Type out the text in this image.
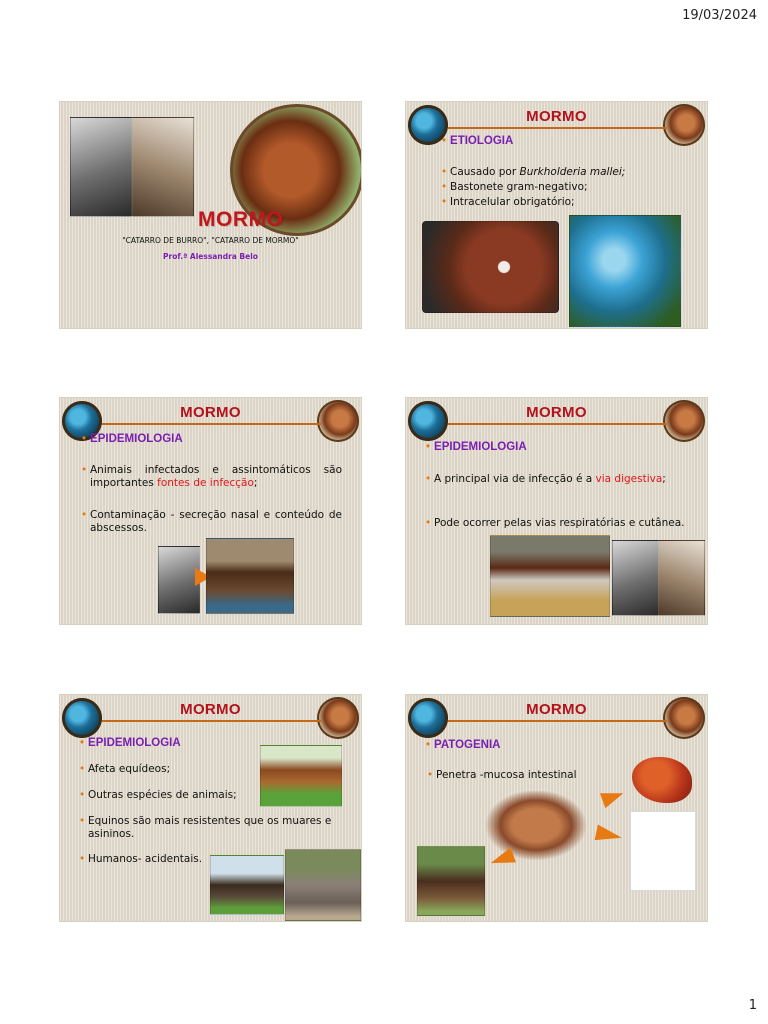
19/03/2024
MORMO
"CATARRO DE BURRO", "CATARRO DE MORMO"
Prof.ª Alessandra Belo
MORMO
• ETIOLOGIA
• Causado por Burkholderia mallei;
• Bastonete gram-negativo;
• Intracelular obrigatório;
MORMO
• EPIDEMIOLOGIA
• Animais infectados e assintomáticos são importantes fontes de infecção;
• Contaminação - secreção nasal e conteúdo de abscessos.
MORMO
• EPIDEMIOLOGIA
• A principal via de infecção é a via digestiva;
• Pode ocorrer pelas vias respiratórias e cutânea.
MORMO
• EPIDEMIOLOGIA
• Afeta equídeos;
• Outras espécies de animais;
• Equinos são mais resistentes que os muares e asininos.
• Humanos- acidentais.
MORMO
• PATOGENIA
• Penetra -mucosa intestinal
1
